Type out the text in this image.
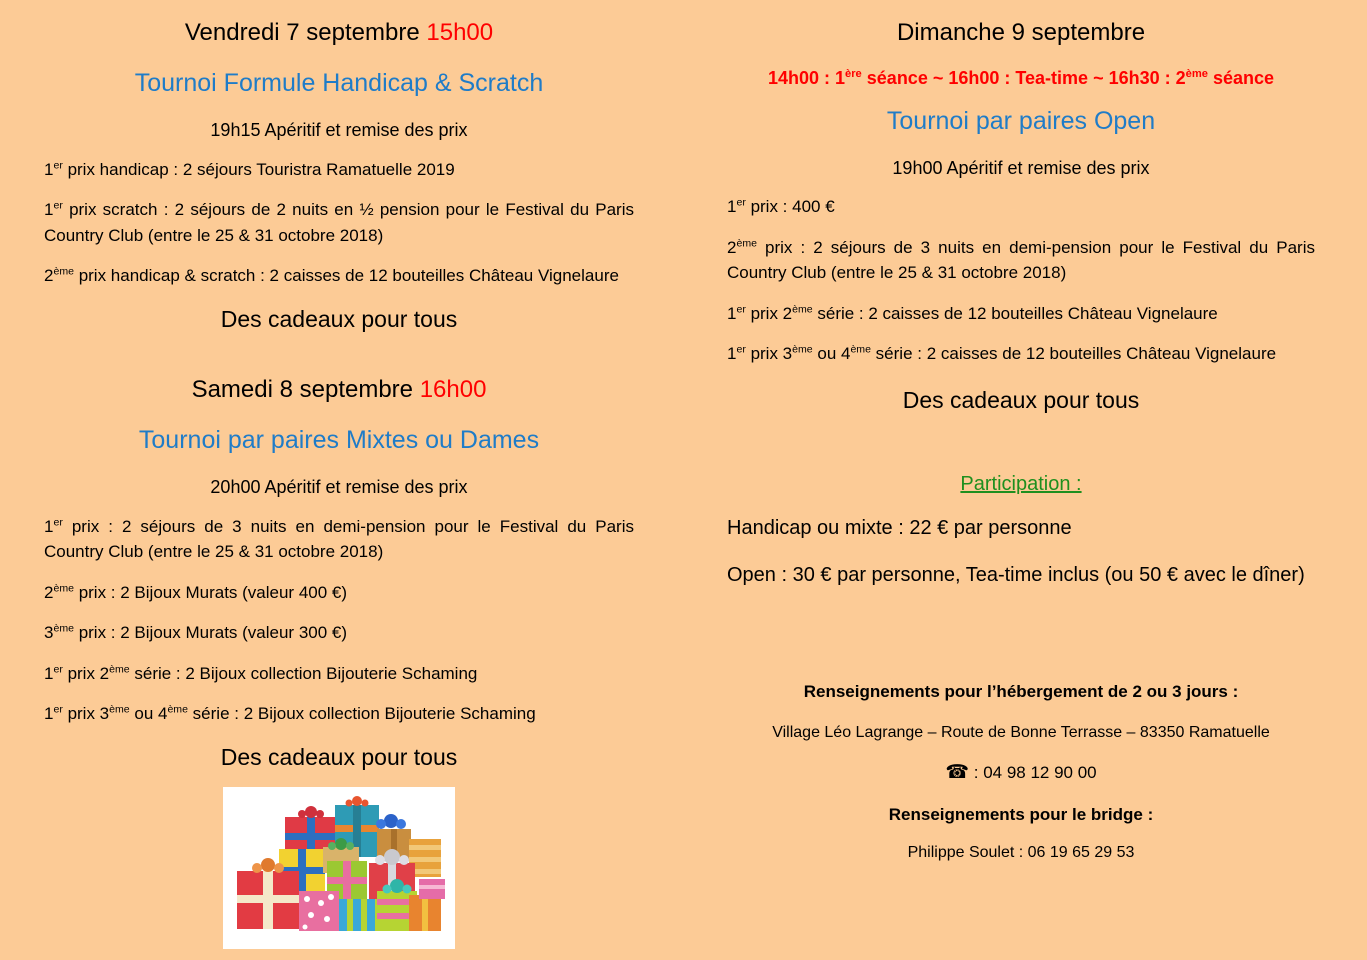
Vendredi 7 septembre 15h00
Tournoi Formule Handicap & Scratch
19h15 Apéritif et remise des prix

1er prix handicap : 2 séjours Touristra Ramatuelle 2019

1er prix scratch : 2 séjours de 2 nuits en ½ pension pour le Festival du Paris Country Club (entre le 25 & 31 octobre 2018)

2ème prix handicap & scratch : 2 caisses de 12 bouteilles Château Vignelaure

Des cadeaux pour tous
Samedi 8 septembre 16h00
Tournoi par paires Mixtes ou Dames
20h00 Apéritif et remise des prix

1er prix : 2 séjours de 3 nuits en demi-pension pour le Festival du Paris Country Club (entre le 25 & 31 octobre 2018)

2ème prix : 2 Bijoux Murats (valeur 400 €)

3ème prix : 2 Bijoux Murats (valeur 300 €)

1er prix 2ème série : 2 Bijoux collection Bijouterie Schaming

1er prix 3ème ou 4ème série : 2 Bijoux collection Bijouterie Schaming

Des cadeaux pour tous
Dimanche 9 septembre
14h00 : 1ère séance ~ 16h00 : Tea-time ~ 16h30 : 2ème séance
Tournoi par paires Open
19h00 Apéritif et remise des prix

1er prix : 400 €

2ème prix : 2 séjours de 3 nuits en demi-pension pour le Festival du Paris Country Club (entre le 25 & 31 octobre 2018)

1er prix 2ème série : 2 caisses de 12 bouteilles Château Vignelaure

1er prix 3ème ou 4ème série : 2 caisses de 12 bouteilles Château Vignelaure

Des cadeaux pour tous
Participation :

Handicap ou mixte : 22 € par personne

Open : 30 € par personne, Tea-time inclus (ou 50 € avec le dîner)

Renseignements pour l’hébergement de 2 ou 3 jours :

Village Léo Lagrange – Route de Bonne Terrasse – 83350 Ramatuelle

☎ : 04 98 12 90 00

Renseignements pour le bridge :

Philippe Soulet : 06 19 65 29 53
